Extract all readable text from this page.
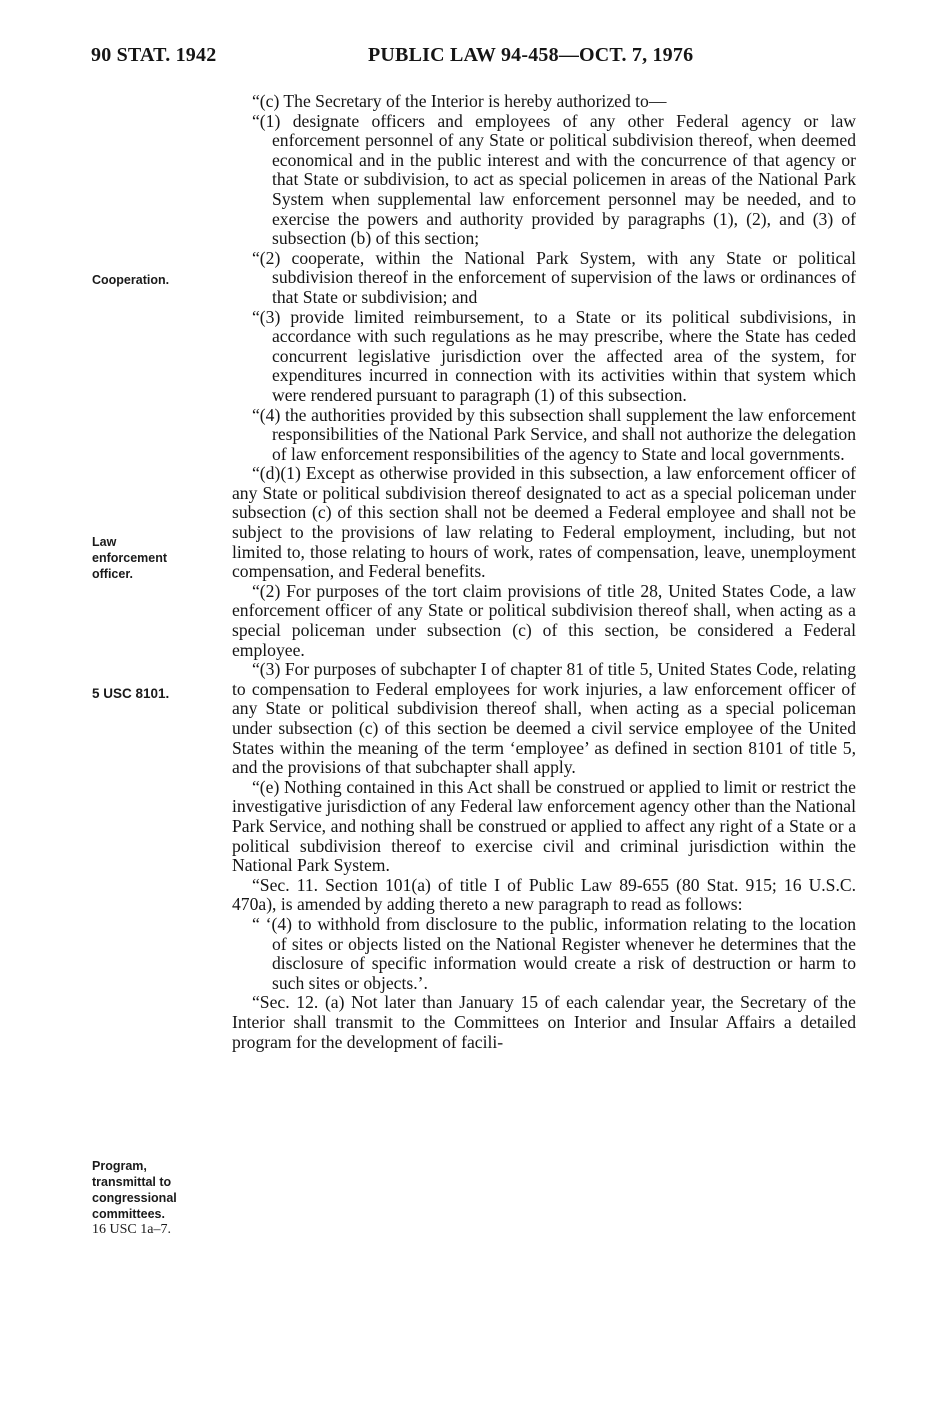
90 STAT. 1942	PUBLIC LAW 94-458—OCT. 7, 1976
Cooperation.
Law
enforcement
officer.
5 USC 8101.
Program,
transmittal to
congressional
committees.
16 USC 1a–7.

“(c) The Secretary of the Interior is hereby authorized to—

“(1) designate officers and employees of any other Federal agency or law enforcement personnel of any State or political subdivision thereof, when deemed economical and in the public interest and with the concurrence of that agency or that State or subdivision, to act as special policemen in areas of the National Park System when supplemental law enforcement personnel may be needed, and to exercise the powers and authority provided by paragraphs (1), (2), and (3) of subsection (b) of this section;

“(2) cooperate, within the National Park System, with any State or political subdivision thereof in the enforcement of supervision of the laws or ordinances of that State or subdivision; and

“(3) provide limited reimbursement, to a State or its political subdivisions, in accordance with such regulations as he may prescribe, where the State has ceded concurrent legislative jurisdiction over the affected area of the system, for expenditures incurred in connection with its activities within that system which were rendered pursuant to paragraph (1) of this subsection.

“(4) the authorities provided by this subsection shall supplement the law enforcement responsibilities of the National Park Service, and shall not authorize the delegation of law enforcement responsibilities of the agency to State and local governments.

“(d)(1) Except as otherwise provided in this subsection, a law enforcement officer of any State or political subdivision thereof designated to act as a special policeman under subsection (c) of this section shall not be deemed a Federal employee and shall not be subject to the provisions of law relating to Federal employment, including, but not limited to, those relating to hours of work, rates of compensation, leave, unemployment compensation, and Federal benefits.

“(2) For purposes of the tort claim provisions of title 28, United States Code, a law enforcement officer of any State or political subdivision thereof shall, when acting as a special policeman under subsection (c) of this section, be considered a Federal employee.

“(3) For purposes of subchapter I of chapter 81 of title 5, United States Code, relating to compensation to Federal employees for work injuries, a law enforcement officer of any State or political subdivision thereof shall, when acting as a special policeman under subsection (c) of this section be deemed a civil service employee of the United States within the meaning of the term ‘employee’ as defined in section 8101 of title 5, and the provisions of that subchapter shall apply.

“(e) Nothing contained in this Act shall be construed or applied to limit or restrict the investigative jurisdiction of any Federal law enforcement agency other than the National Park Service, and nothing shall be construed or applied to affect any right of a State or a political subdivision thereof to exercise civil and criminal jurisdiction within the National Park System.

“Sec. 11. Section 101(a) of title I of Public Law 89-655 (80 Stat. 915; 16 U.S.C. 470a), is amended by adding thereto a new paragraph to read as follows:

“ ‘(4) to withhold from disclosure to the public, information relating to the location of sites or objects listed on the National Register whenever he determines that the disclosure of specific information would create a risk of destruction or harm to such sites or objects.’.

“Sec. 12. (a) Not later than January 15 of each calendar year, the Secretary of the Interior shall transmit to the Committees on Interior and Insular Affairs a detailed program for the development of facili-
